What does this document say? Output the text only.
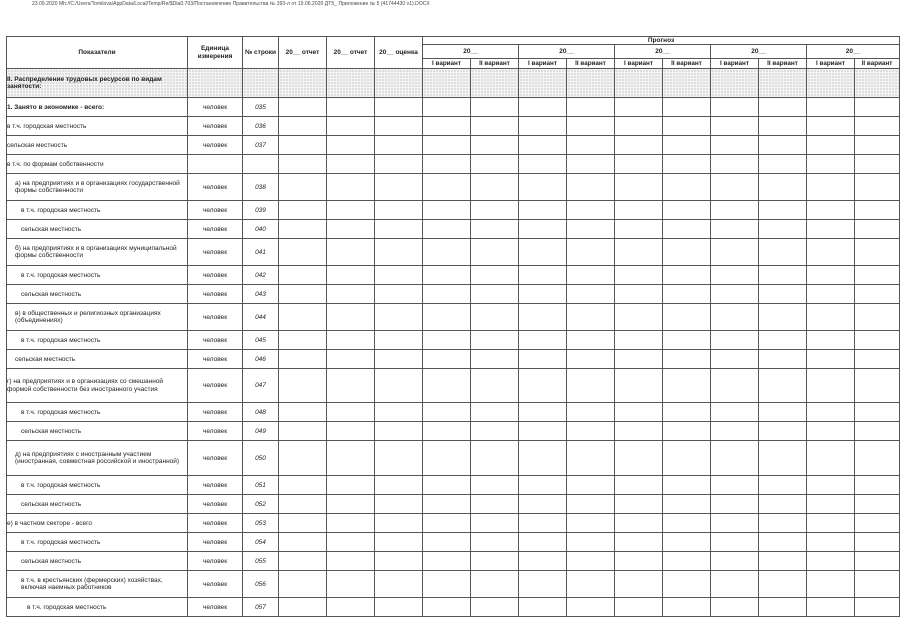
23.09.2020 Mh://C:/Users/Tomilova/AppData/Local/Temp/Re/$Dla0.703/Постановление Правительства № 393-л от 19.06.2020 ДТ5_ Приложение № 5 (41744430 v1).DOCX
Показатели	Единица измерения	№ строки	20__ отчет	20__ отчет	20__ оценка	Прогноз									
						20__		20__		20__		20__		20__	
						I вариант	II вариант	I вариант	II вариант	I вариант	II вариант	I вариант	II вариант	I вариант	II вариант
II. Распределение трудовых ресурсов по видам занятости:															
1. Занято в экономике - всего:	человек	035													
в т.ч. городская местность	человек	036													
сельская местность	человек	037													
в т.ч. по формам собственности															
а) на предприятиях и в организациях государственной формы собственности	человек	038													
в т.ч. городская местность	человек	039													
сельская местность	человек	040													
б) на предприятиях и в организациях муниципальной формы собственности	человек	041													
в т.ч. городская местность	человек	042													
сельская местность	человек	043													
в) в общественных и религиозных организациях (объединениях)	человек	044													
в т.ч. городская местность	человек	045													
сельская местность	человек	046													
г) на предприятиях и в организациях со смешанной формой собственности без иностранного участия	человек	047													
в т.ч. городская местность	человек	048													
сельская местность	человек	049													
д) на предприятиях с иностранным участием (иностранная, совместная российской и иностранной)	человек	050													
в т.ч. городская местность	человек	051													
сельская местность	человек	052													
е) в частном секторе - всего	человек	053													
в т.ч. городская местность	человек	054													
сельская местность	человек	055													
в т.ч. в крестьянских (фермерских) хозяйствах, включая наемных работников	человек	056													
в т.ч. городская местность	человек	057													
